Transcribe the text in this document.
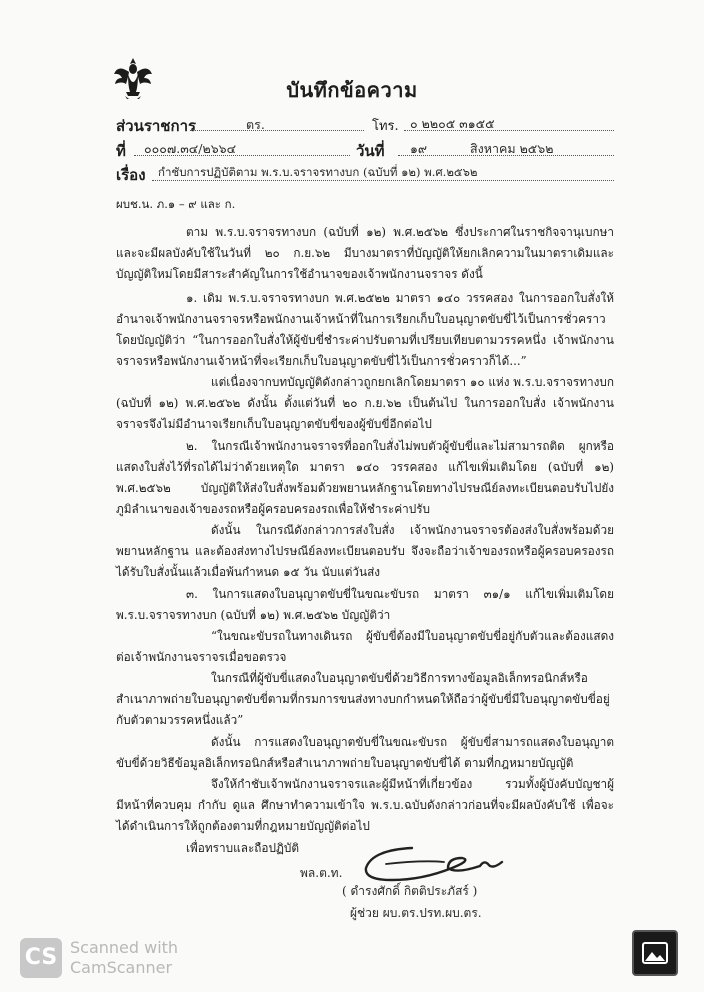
บันทึกข้อความ
ส่วนราชการ	ตร.	โทร. ๐ ๒๒๐๕ ๓๑๕๕
ที่ ๐๐๐๗.๓๔/๒๖๖๔	วันที่ ๑๙	สิงหาคม ๒๕๖๒
เรื่อง กำชับการปฏิบัติตาม พ.ร.บ.จราจรทางบก (ฉบับที่ ๑๒) พ.ศ.๒๕๖๒
ผบช.น. ภ.๑ – ๙ และ ก.

ตาม พ.ร.บ.จราจรทางบก (ฉบับที่ ๑๒) พ.ศ.๒๕๖๒ ซึ่งประกาศในราชกิจจานุเบกษาและจะมีผลบังคับใช้ในวันที่ ๒๐ ก.ย.๖๒ มีบางมาตราที่บัญญัติให้ยกเลิกความในมาตราเดิมและบัญญัติใหม่โดยมีสาระสำคัญในการใช้อำนาจของเจ้าพนักงานจราจร ดังนี้

๑. เดิม พ.ร.บ.จราจรทางบก พ.ศ.๒๕๒๒ มาตรา ๑๔๐ วรรคสอง ในการออกใบสั่งให้อำนาจเจ้าพนักงานจราจรหรือพนักงานเจ้าหน้าที่ในการเรียกเก็บใบอนุญาตขับขี่ไว้เป็นการชั่วคราวโดยบัญญัติว่า “ในการออกใบสั่งให้ผู้ขับขี่ชำระค่าปรับตามที่เปรียบเทียบตามวรรคหนึ่ง เจ้าพนักงานจราจรหรือพนักงานเจ้าหน้าที่จะเรียกเก็บใบอนุญาตขับขี่ไว้เป็นการชั่วคราวก็ได้...”

แต่เนื่องจากบทบัญญัติดังกล่าวถูกยกเลิกโดยมาตรา ๑๐ แห่ง พ.ร.บ.จราจรทางบก (ฉบับที่ ๑๒) พ.ศ.๒๕๖๒ ดังนั้น ตั้งแต่วันที่ ๒๐ ก.ย.๖๒ เป็นต้นไป ในการออกใบสั่ง เจ้าพนักงานจราจรจึงไม่มีอำนาจเรียกเก็บใบอนุญาตขับขี่ของผู้ขับขี่อีกต่อไป

๒. ในกรณีเจ้าพนักงานจราจรที่ออกใบสั่งไม่พบตัวผู้ขับขี่และไม่สามารถติด ผูกหรือแสดงใบสั่งไว้ที่รถได้ไม่ว่าด้วยเหตุใด มาตรา ๑๔๐ วรรคสอง แก้ไขเพิ่มเติมโดย (ฉบับที่ ๑๒) พ.ศ.๒๕๖๒ บัญญัติให้ส่งใบสั่งพร้อมด้วยพยานหลักฐานโดยทางไปรษณีย์ลงทะเบียนตอบรับไปยังภูมิลำเนาของเจ้าของรถหรือผู้ครอบครองรถเพื่อให้ชำระค่าปรับ

ดังนั้น ในกรณีดังกล่าวการส่งใบสั่ง เจ้าพนักงานจราจรต้องส่งใบสั่งพร้อมด้วยพยานหลักฐาน และต้องส่งทางไปรษณีย์ลงทะเบียนตอบรับ จึงจะถือว่าเจ้าของรถหรือผู้ครอบครองรถได้รับใบสั่งนั้นแล้วเมื่อพ้นกำหนด ๑๕ วัน นับแต่วันส่ง

๓. ในการแสดงใบอนุญาตขับขี่ในขณะขับรถ มาตรา ๓๑/๑ แก้ไขเพิ่มเติมโดย พ.ร.บ.จราจรทางบก (ฉบับที่ ๑๒) พ.ศ.๒๕๖๒ บัญญัติว่า

“ในขณะขับรถในทางเดินรถ ผู้ขับขี่ต้องมีใบอนุญาตขับขี่อยู่กับตัวและต้องแสดงต่อเจ้าพนักงานจราจรเมื่อขอตรวจ

ในกรณีที่ผู้ขับขี่แสดงใบอนุญาตขับขี่ด้วยวิธีการทางข้อมูลอิเล็กทรอนิกส์หรือสำเนาภาพถ่ายใบอนุญาตขับขี่ตามที่กรมการขนส่งทางบกกำหนดให้ถือว่าผู้ขับขี่มีใบอนุญาตขับขี่อยู่กับตัวตามวรรคหนึ่งแล้ว”

ดังนั้น การแสดงใบอนุญาตขับขี่ในขณะขับรถ ผู้ขับขี่สามารถแสดงใบอนุญาตขับขี่ด้วยวิธีข้อมูลอิเล็กทรอนิกส์หรือสำเนาภาพถ่ายใบอนุญาตขับขี่ได้ ตามที่กฎหมายบัญญัติ

จึงให้กำชับเจ้าพนักงานจราจรและผู้มีหน้าที่เกี่ยวข้อง รวมทั้งผู้บังคับบัญชาผู้มีหน้าที่ควบคุม กำกับ ดูแล ศึกษาทำความเข้าใจ พ.ร.บ.ฉบับดังกล่าวก่อนที่จะมีผลบังคับใช้ เพื่อจะได้ดำเนินการให้ถูกต้องตามที่กฎหมายบัญญัติต่อไป

เพื่อทราบและถือปฏิบัติ

พล.ต.ท.
( ดำรงศักดิ์ กิตติประภัสร์ )
ผู้ช่วย ผบ.ตร.ปรท.ผบ.ตร.
CS Scanned with
CamScanner
